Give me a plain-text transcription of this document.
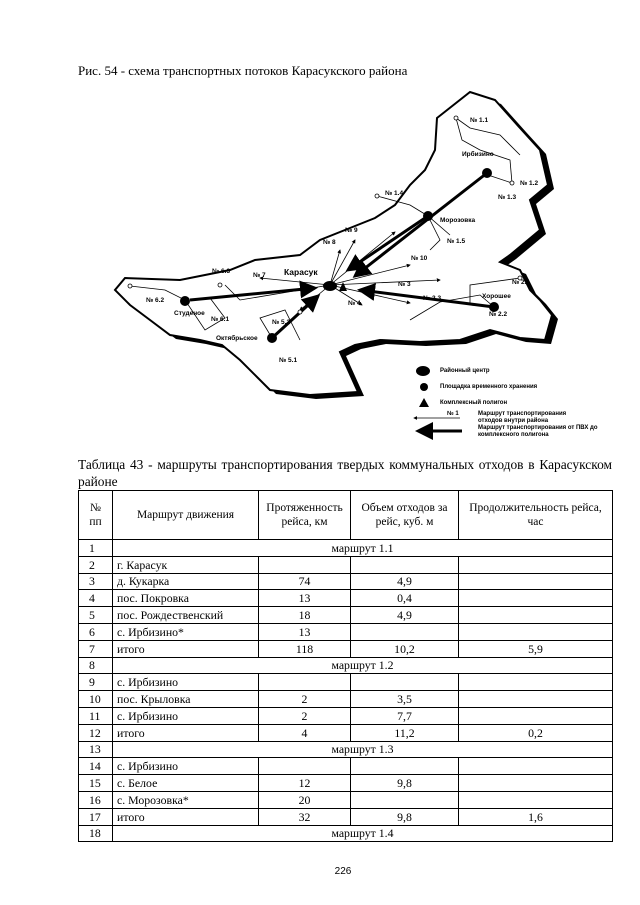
Рис. 54 - схема транспортных потоков Карасукского района
Районный центр
Площадка временного хранения
Комплексный полигон
№ 1	Маршрут транспортирования отходов внутри района
Маршрут транспортирования от ПВХ до комплексного полигона
№ 1.1
Ирбизино
№ 1.2
№ 1.3
№ 1.4
Морозовка
№ 1.5
№ 9
№ 8
№ 10
Карасук
№ 7
№ 6.3
№ 6.2
Студеное
№ 6.1
№ 3	№ 2.1
Хорошее
№ 2.3
№ 2.2
№ 4
№ 5.2
Октябрьское
№ 5.1
Таблица 43 - маршруты транспортирования твердых коммунальных отходов в Карасукском районе
№ пп	Маршрут движения	Протяженность рейса, км	Объем отходов за рейс, куб. м	Продолжительность рейса, час
1	маршрут 1.1			
2	г. Карасук			
3	д. Кукарка	74	4,9	
4	пос. Покровка	13	0,4	
5	пос. Рождественский	18	4,9	
6	с. Ирбизино*	13		
7	итого	118	10,2	5,9
8	маршрут 1.2			
9	с. Ирбизино			
10	пос. Крыловка	2	3,5	
11	с. Ирбизино	2	7,7	
12	итого	4	11,2	0,2
13	маршрут 1.3			
14	с. Ирбизино			
15	с. Белое	12	9,8	
16	с. Морозовка*	20		
17	итого	32	9,8	1,6
18	маршрут 1.4			
226
